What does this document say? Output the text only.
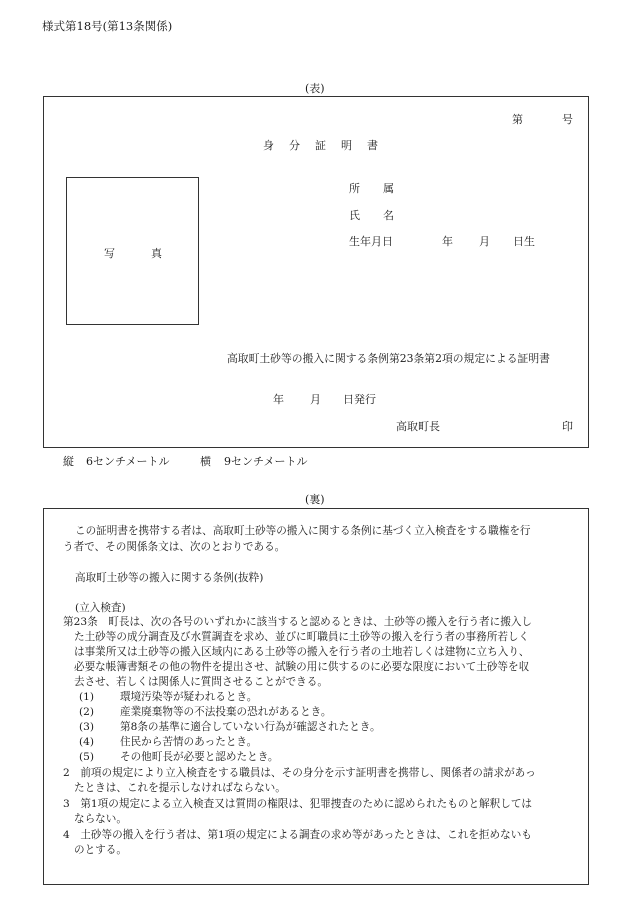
様式第18号(第13条関係)
(表)
第	号
身 分 証 明 書
写	真
所 属
氏 名
生年月日	年 月 日生
高取町土砂等の搬入に関する条例第23条第2項の規定による証明書
年 月 日発行
高取町長	印
縦 6センチメートル	横 9センチメートル
(裏)
この証明書を携帯する者は、高取町土砂等の搬入に関する条例に基づく立入検査をする職権を行
う者で、その関係条文は、次のとおりである。
高取町土砂等の搬入に関する条例(抜粋)
(立入検査)
第23条　町長は、次の各号のいずれかに該当すると認めるときは、土砂等の搬入を行う者に搬入し
た土砂等の成分調査及び水質調査を求め、並びに町職員に土砂等の搬入を行う者の事務所若しく
は事業所又は土砂等の搬入区域内にある土砂等の搬入を行う者の土地若しくは建物に立ち入り、
必要な帳簿書類その他の物件を提出させ、試験の用に供するのに必要な限度において土砂等を収
去させ、若しくは関係人に質問させることができる。
(1) 環境汚染等が疑われるとき。
(2) 産業廃棄物等の不法投棄の恐れがあるとき。
(3) 第8条の基準に適合していない行為が確認されたとき。
(4) 住民から苦情のあったとき。
(5) その他町長が必要と認めたとき。
2　前項の規定により立入検査をする職員は、その身分を示す証明書を携帯し、関係者の請求があっ
たときは、これを提示しなければならない。
3　第1項の規定による立入検査又は質問の権限は、犯罪捜査のために認められたものと解釈しては
ならない。
4　土砂等の搬入を行う者は、第1項の規定による調査の求め等があったときは、これを拒めないも
のとする。
